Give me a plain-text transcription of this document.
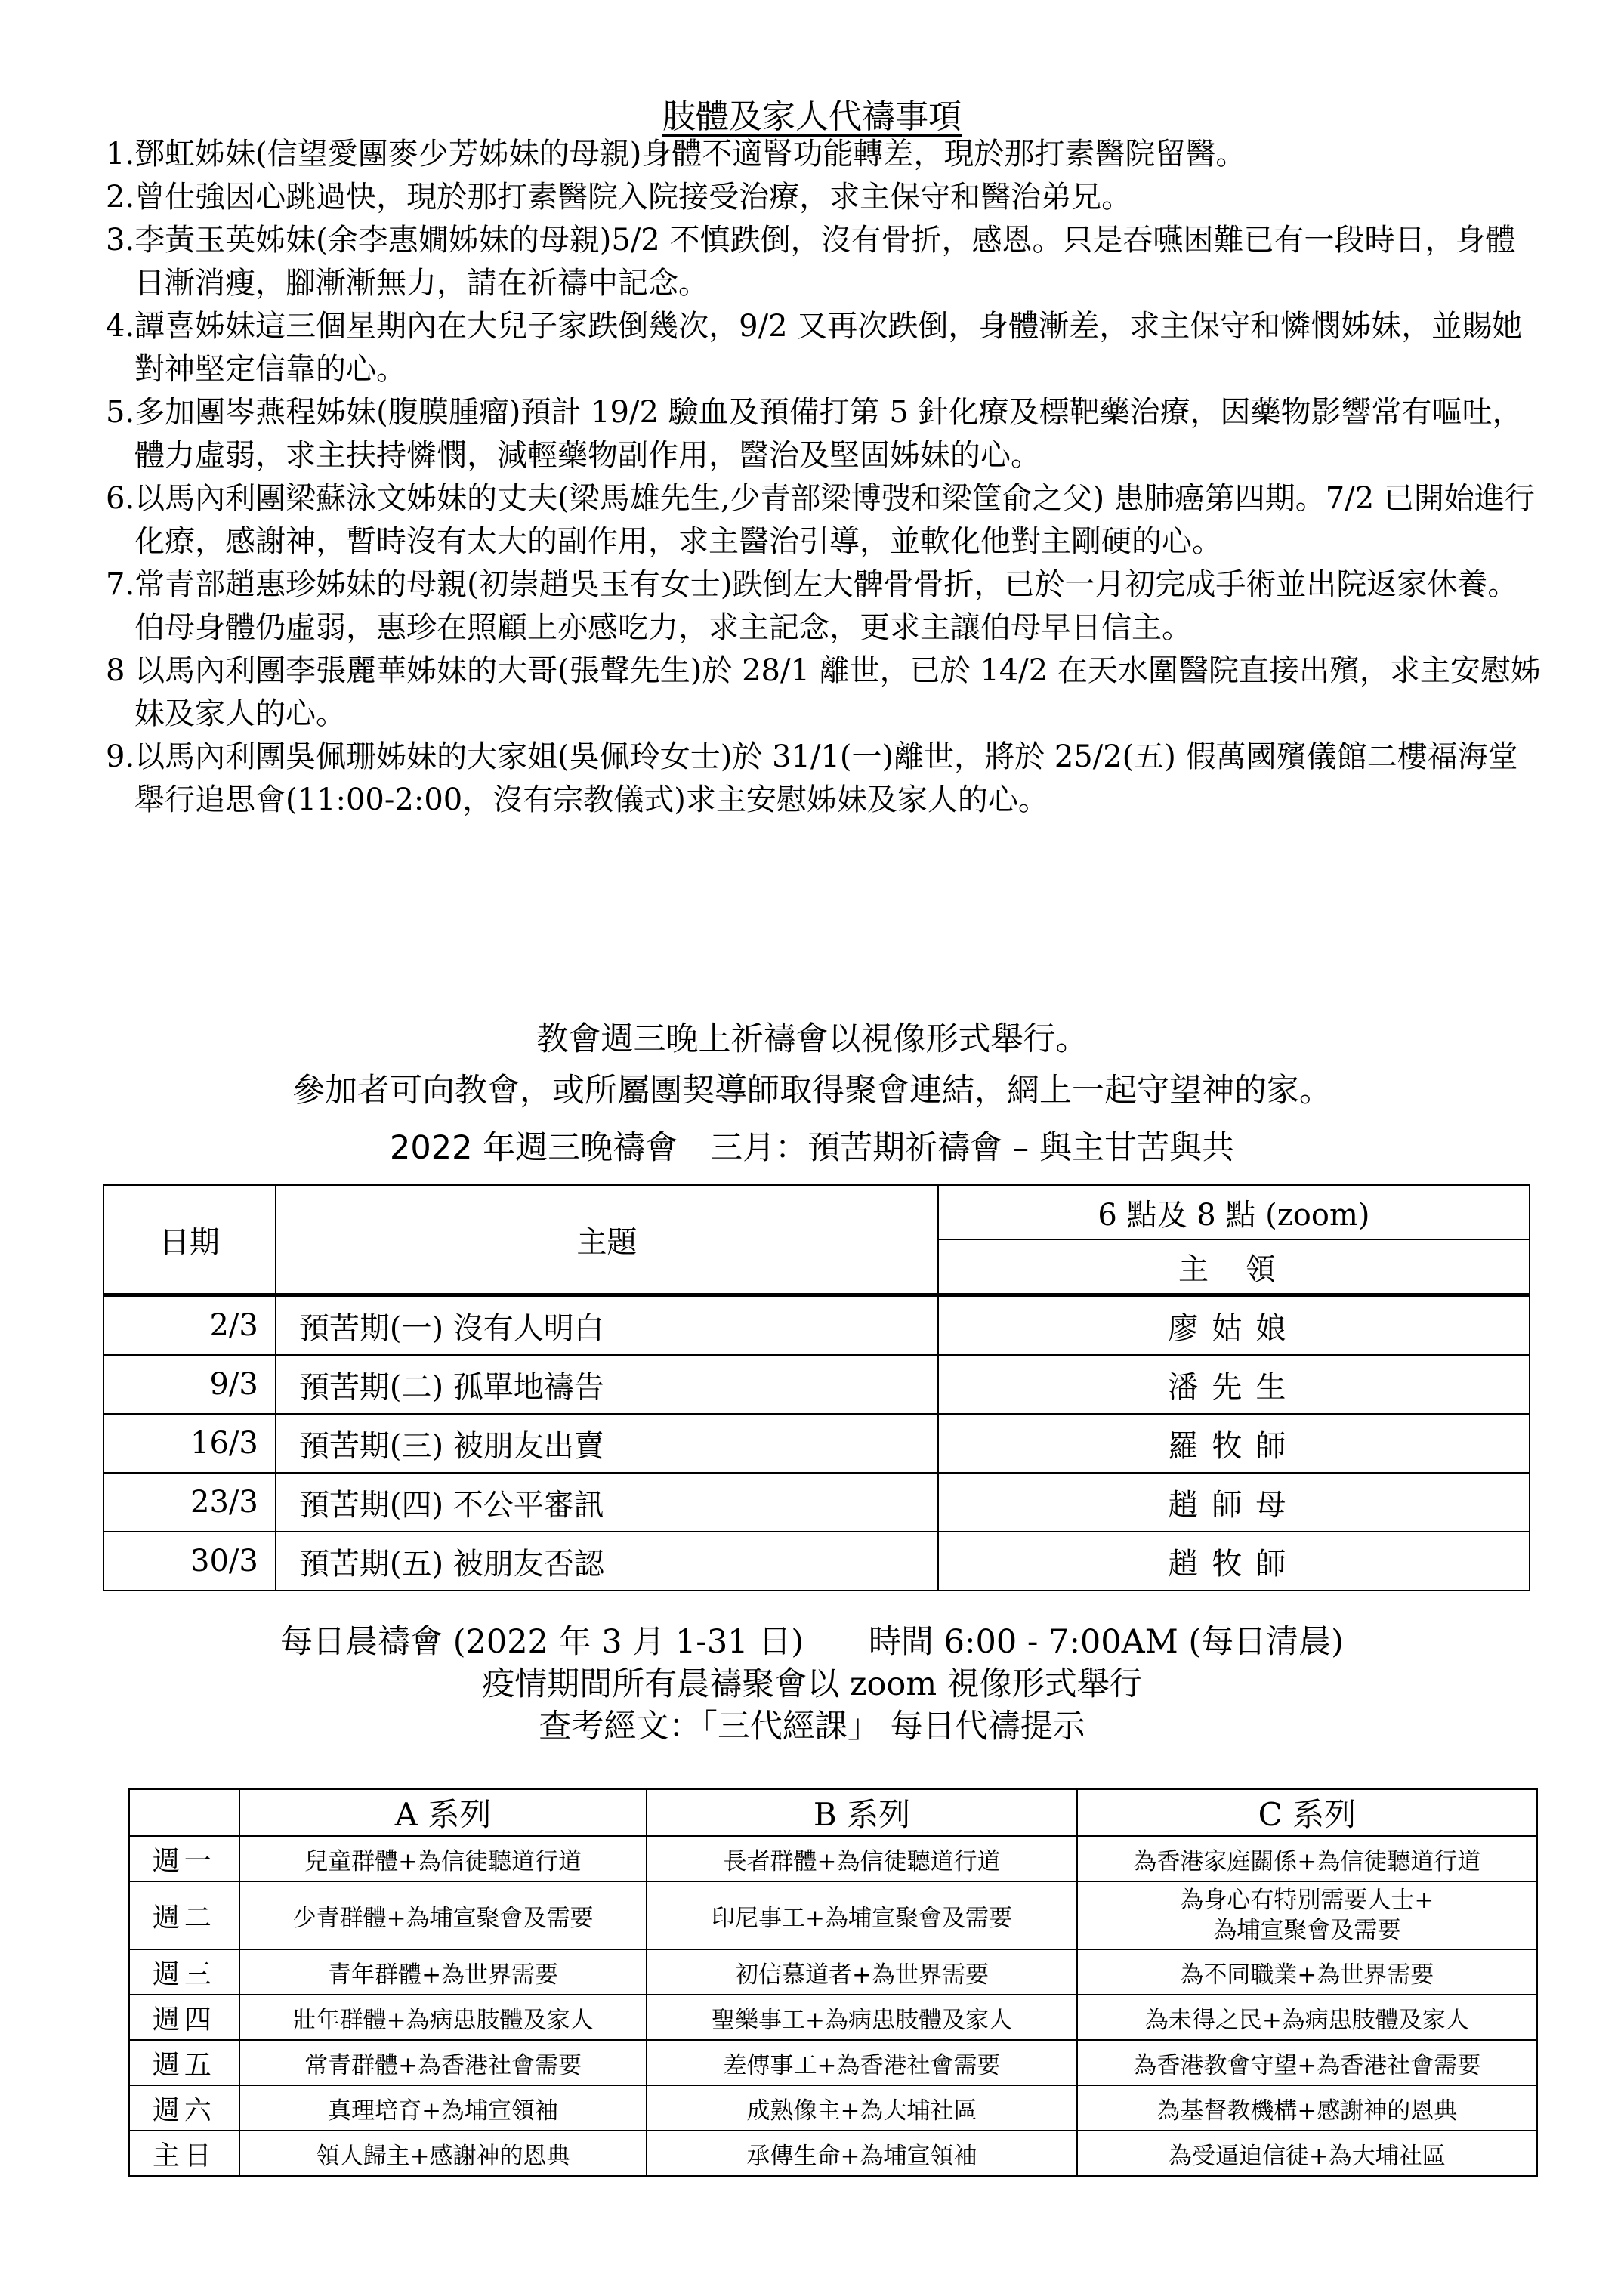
肢體及家人代禱事項
1.鄧虹姊妹(信望愛團麥少芳姊妹的母親)身體不適腎功能轉差，現於那打素醫院留醫。
2.曾仕強因心跳過快，現於那打素醫院入院接受治療，求主保守和醫治弟兄。
3.李黃玉英姊妹(余李惠嫺姊妹的母親)5/2 不慎跌倒，沒有骨折，感恩。只是吞嚥困難已有一段時日，身體日漸消瘦，腳漸漸無力，請在祈禱中記念。
4.譚喜姊妹這三個星期內在大兒子家跌倒幾次，9/2 又再次跌倒，身體漸差，求主保守和憐憫姊妹，並賜她對神堅定信靠的心。
5.多加團岑燕程姊妹(腹膜腫瘤)預計 19/2 驗血及預備打第 5 針化療及標靶藥治療，因藥物影響常有嘔吐，體力虛弱，求主扶持憐憫，減輕藥物副作用，醫治及堅固姊妹的心。
6.以馬內利團梁蘇泳文姊妹的丈夫(梁馬雄先生,少青部梁博弢和梁筐俞之父) 患肺癌第四期。7/2 已開始進行化療，感謝神，暫時沒有太大的副作用，求主醫治引導，並軟化他對主剛硬的心。
7.常青部趙惠珍姊妹的母親(初崇趙吳玉有女士)跌倒左大髀骨骨折，已於一月初完成手術並出院返家休養。伯母身體仍虛弱，惠珍在照顧上亦感吃力，求主記念，更求主讓伯母早日信主。
8 以馬內利團李張麗華姊妹的大哥(張聲先生)於 28/1 離世，已於 14/2 在天水圍醫院直接出殯，求主安慰姊妹及家人的心。
9.以馬內利團吳佩珊姊妹的大家姐(吳佩玲女士)於 31/1(一)離世，將於 25/2(五) 假萬國殯儀館二樓福海堂舉行追思會(11:00-2:00，沒有宗教儀式)求主安慰姊妹及家人的心。
教會週三晚上祈禱會以視像形式舉行。
參加者可向教會，或所屬團契導師取得聚會連結，網上一起守望神的家。
2022 年週三晚禱會　三月：預苦期祈禱會 – 與主甘苦與共
日期	主題	6 點及 8 點 (zoom)
		主 領
2/3	預苦期(一) 沒有人明白	廖姑娘
9/3	預苦期(二) 孤單地禱告	潘先生
16/3	預苦期(三) 被朋友出賣	羅牧師
23/3	預苦期(四) 不公平審訊	趙師母
30/3	預苦期(五) 被朋友否認	趙牧師
每日晨禱會 (2022 年 3 月 1-31 日)　　時間 6:00 - 7:00AM (每日清晨)
疫情期間所有晨禱聚會以 zoom 視像形式舉行
查考經文：「三代經課」 每日代禱提示
	A 系列	B 系列	C 系列
週一	兒童群體+為信徒聽道行道	長者群體+為信徒聽道行道	為香港家庭關係+為信徒聽道行道
週二	少青群體+為埔宣聚會及需要	印尼事工+為埔宣聚會及需要	為身心有特別需要人士+
為埔宣聚會及需要

週三	青年群體+為世界需要	初信慕道者+為世界需要	為不同職業+為世界需要
週四	壯年群體+為病患肢體及家人	聖樂事工+為病患肢體及家人	為未得之民+為病患肢體及家人
週五	常青群體+為香港社會需要	差傳事工+為香港社會需要	為香港教會守望+為香港社會需要
週六	真理培育+為埔宣領袖	成熟像主+為大埔社區	為基督教機構+感謝神的恩典
主日	領人歸主+感謝神的恩典	承傳生命+為埔宣領袖	為受逼迫信徒+為大埔社區
